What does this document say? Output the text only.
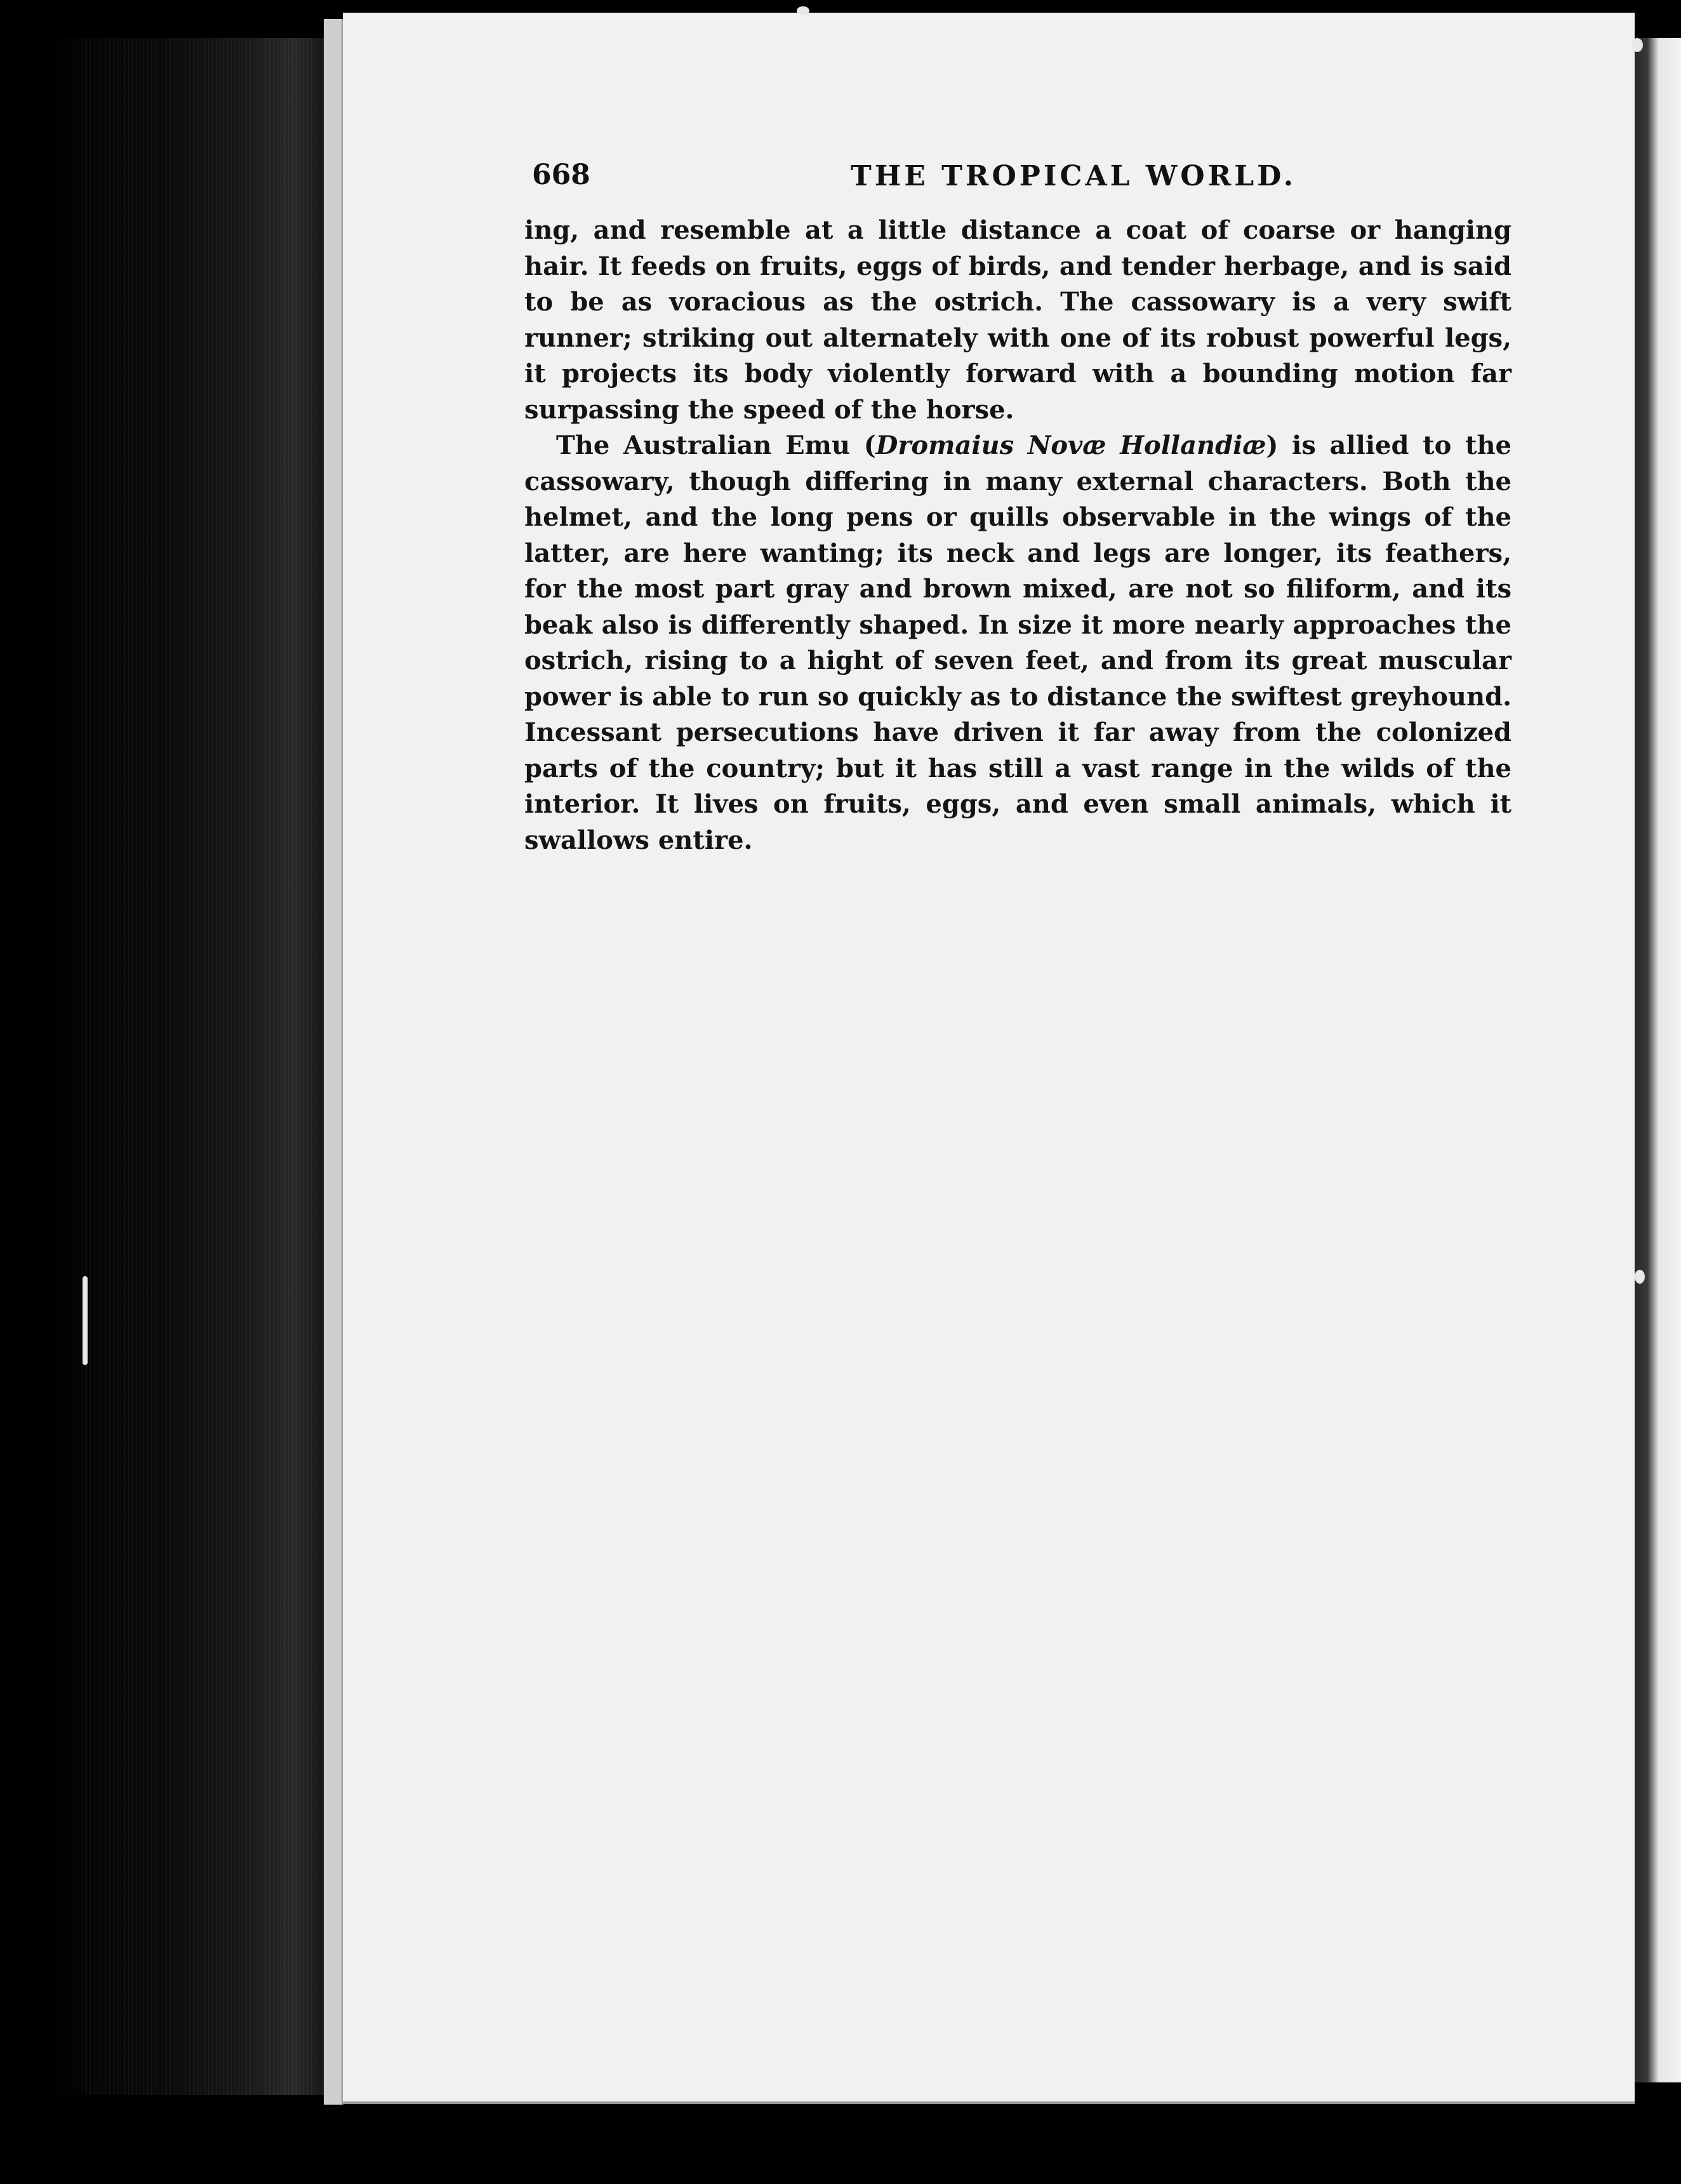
668	THE TROPICAL WORLD.

ing, and resemble at a little distance a coat of coarse or hanging hair. It feeds on fruits, eggs of birds, and tender herbage, and is said to be as voracious as the ostrich. The cassowary is a very swift runner; striking out alternately with one of its robust powerful legs, it projects its body violently forward with a bounding motion far surpassing the speed of the horse.

The Australian Emu (Dromaius Novæ Hollandiæ) is allied to the cassowary, though differing in many external characters. Both the helmet, and the long pens or quills observable in the wings of the latter, are here wanting; its neck and legs are longer, its feathers, for the most part gray and brown mixed, are not so filiform, and its beak also is differently shaped. In size it more nearly approaches the ostrich, rising to a hight of seven feet, and from its great muscular power is able to run so quickly as to distance the swiftest greyhound. Incessant persecutions have driven it far away from the colonized parts of the country; but it has still a vast range in the wilds of the interior. It lives on fruits, eggs, and even small animals, which it swallows entire.
